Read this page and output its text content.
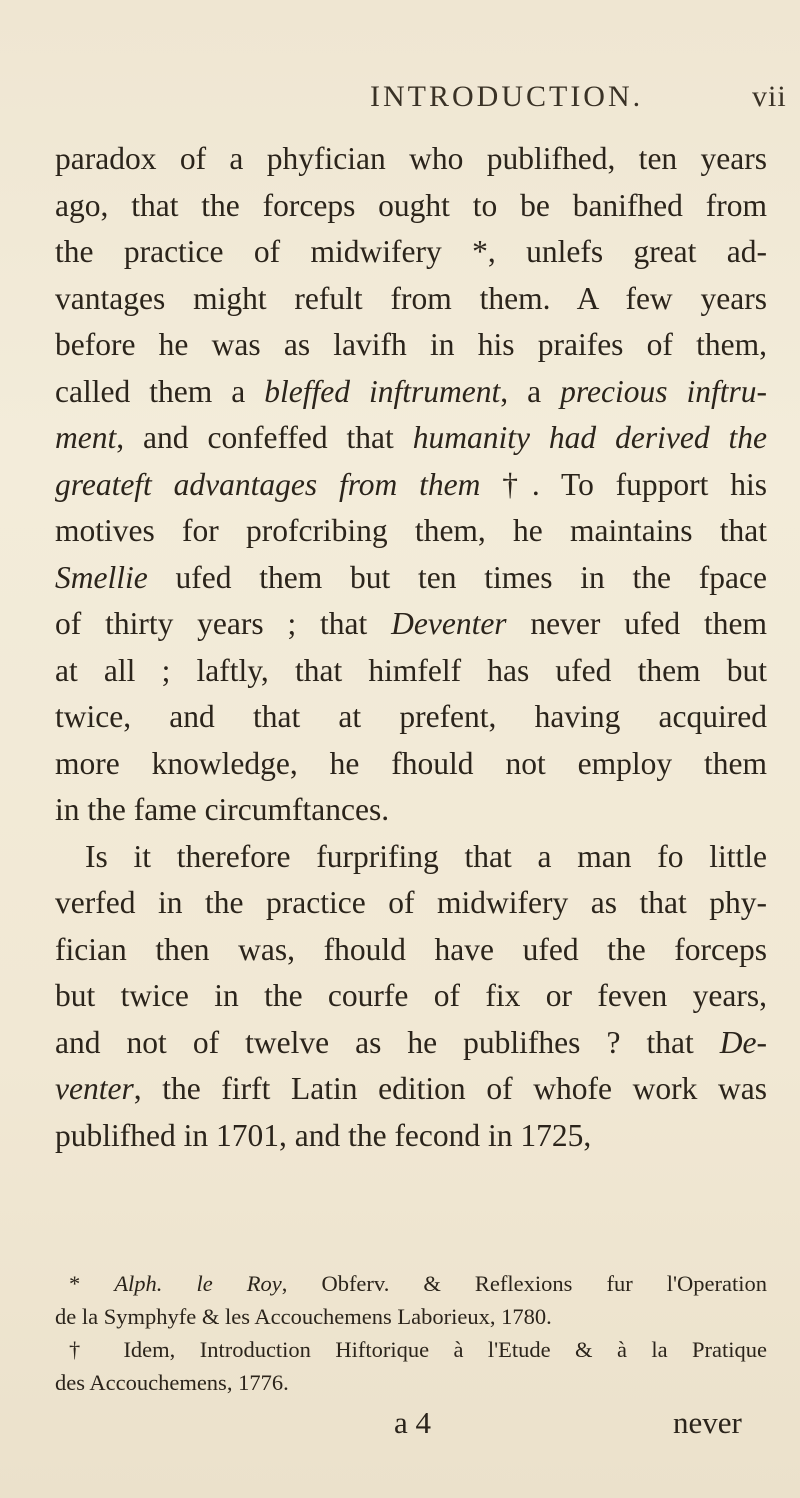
INTRODUCTION.	vii
paradox of a phyfician who publifhed, ten years
ago, that the forceps ought to be banifhed from
the practice of midwifery *, unlefs great ad-
vantages might refult from them. A few years
before he was as lavifh in his praifes of them,
called them a bleffed inftrument, a precious inftru-
ment, and confeffed that humanity had derived the
greateft advantages from them †. To fupport his
motives for profcribing them, he maintains that
Smellie ufed them but ten times in the fpace
of thirty years ; that Deventer never ufed them
at all ; laftly, that himfelf has ufed them but
twice, and that at prefent, having acquired
more knowledge, he fhould not employ them
in the fame circumftances.
Is it therefore furprifing that a man fo little
verfed in the practice of midwifery as that phy-
fician then was, fhould have ufed the forceps
but twice in the courfe of fix or feven years,
and not of twelve as he publifhes ? that De-
venter, the firft Latin edition of whofe work was
publifhed in 1701, and the fecond in 1725,
* Alph. le Roy, Obferv. & Reflexions fur l'Operation
de la Symphyfe & les Accouchemens Laborieux, 1780.
† Idem, Introduction Hiftorique à l'Etude & à la Pratique
des Accouchemens, 1776.
a 4	never
